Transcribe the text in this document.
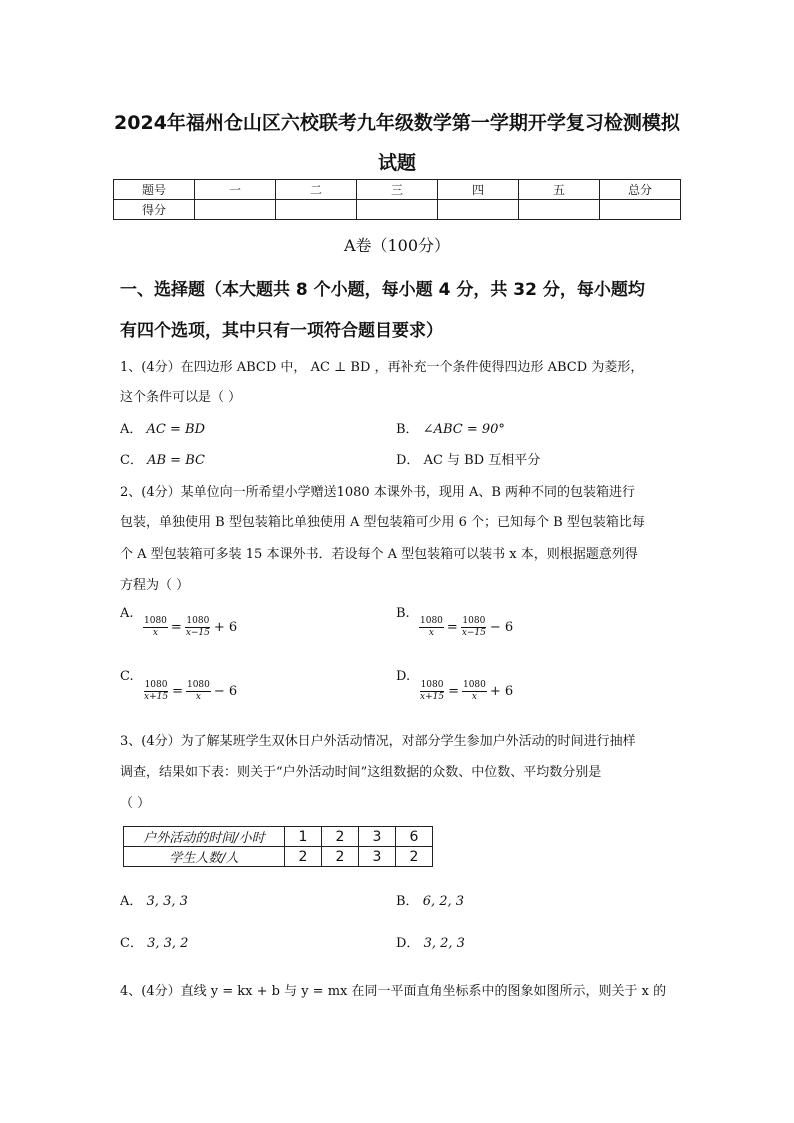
2024年福州仓山区六校联考九年级数学第一学期开学复习检测模拟
试题
题号	一	二	三	四	五	总分
得分						
A卷（100分）
一、选择题（本大题共 8 个小题，每小题 4 分，共 32 分，每小题均
有四个选项，其中只有一项符合题目要求）
1、(4分）在四边形 ABCD 中， AC ⊥ BD ，再补充一个条件使得四边形 ABCD 为菱形，
这个条件可以是（ ）
A． AC = BD	B． ∠ABC = 90°
C． AB = BC	D． AC 与 BD 互相平分
2、(4分）某单位向一所希望小学赠送1080 本课外书，现用 A、B 两种不同的包装箱进行
包装，单独使用 B 型包装箱比单独使用 A 型包装箱可少用 6 个；已知每个 B 型包装箱比每
个 A 型包装箱可多装 15 本课外书．若设每个 A 型包装箱可以装书 x 本，则根据题意列得
方程为（ ）
A.
$\frac{1080}{x} = \frac{1080}{x-15} + 6$
B.
$\frac{1080}{x} = \frac{1080}{x-15} - 6$
C.
$\frac{1080}{x+15} = \frac{1080}{x} - 6$
D.
$\frac{1080}{x+15} = \frac{1080}{x} + 6$
3、(4分）为了解某班学生双休日户外活动情况，对部分学生参加户外活动的时间进行抽样
调查，结果如下表：则关于“户外活动时间”这组数据的众数、中位数、平均数分别是
（ ）
户外活动的时间/小时	1	2	3	6
学生人数/人	2	2	3	2
A． 3, 3, 3	B． 6, 2, 3
C． 3, 3, 2	D． 3, 2, 3
4、(4分）直线 y = kx + b 与 y = mx 在同一平面直角坐标系中的图象如图所示，则关于 x 的
